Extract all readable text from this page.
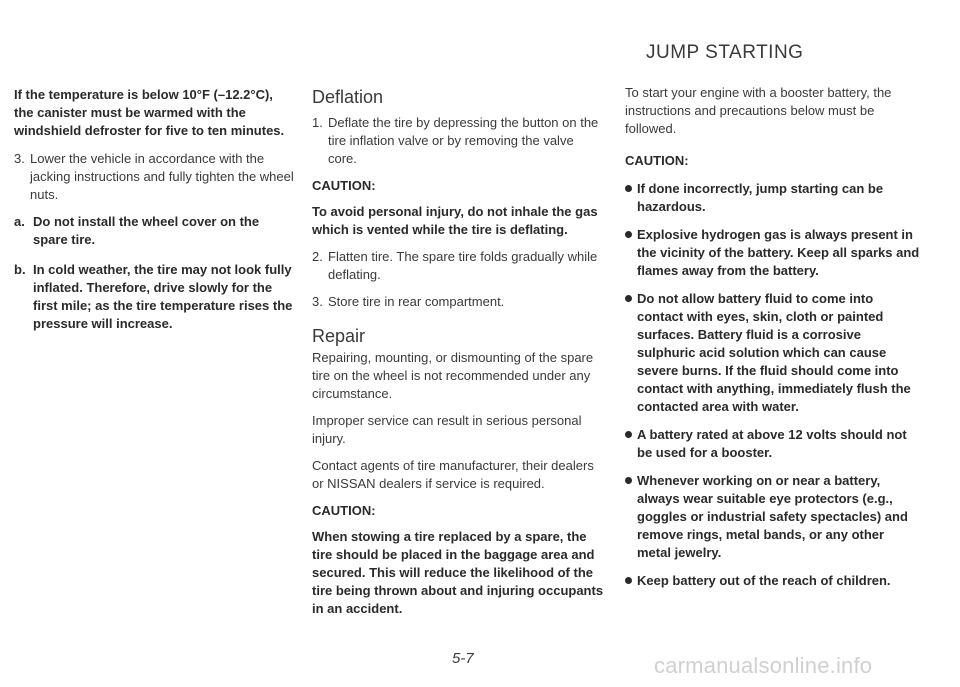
If the temperature is below 10°F (–12.2°C), the canister must be warmed with the windshield defroster for five to ten minutes.

3. Lower the vehicle in accordance with the jacking instructions and fully tighten the wheel nuts.
a. Do not install the wheel cover on the spare tire.
b. In cold weather, the tire may not look fully inflated. Therefore, drive slowly for the first mile; as the tire temperature rises the pressure will increase.
Deflation
1. Deflate the tire by depressing the button on the tire inflation valve or by removing the valve core.
CAUTION:

To avoid personal injury, do not inhale the gas which is vented while the tire is deflating.

2. Flatten tire. The spare tire folds gradually while deflating.
3. Store tire in rear compartment.
Repair

Repairing, mounting, or dismounting of the spare tire on the wheel is not recommended under any circumstance.

Improper service can result in serious personal injury.

Contact agents of tire manufacturer, their dealers or NISSAN dealers if service is required.

CAUTION:

When stowing a tire replaced by a spare, the tire should be placed in the baggage area and secured. This will reduce the likelihood of the tire being thrown about and injuring occupants in an accident.

JUMP STARTING

To start your engine with a booster battery, the instructions and precautions below must be followed.

CAUTION:
If done incorrectly, jump starting can be hazardous.
Explosive hydrogen gas is always present in the vicinity of the battery. Keep all sparks and flames away from the battery.
Do not allow battery fluid to come into contact with eyes, skin, cloth or painted surfaces. Battery fluid is a corrosive sulphuric acid solution which can cause severe burns. If the fluid should come into contact with anything, immediately flush the contacted area with water.
A battery rated at above 12 volts should not be used for a booster.
Whenever working on or near a battery, always wear suitable eye protectors (e.g., goggles or industrial safety spectacles) and remove rings, metal bands, or any other metal jewelry.
Keep battery out of the reach of children.
5-7	carmanualsonline.info
